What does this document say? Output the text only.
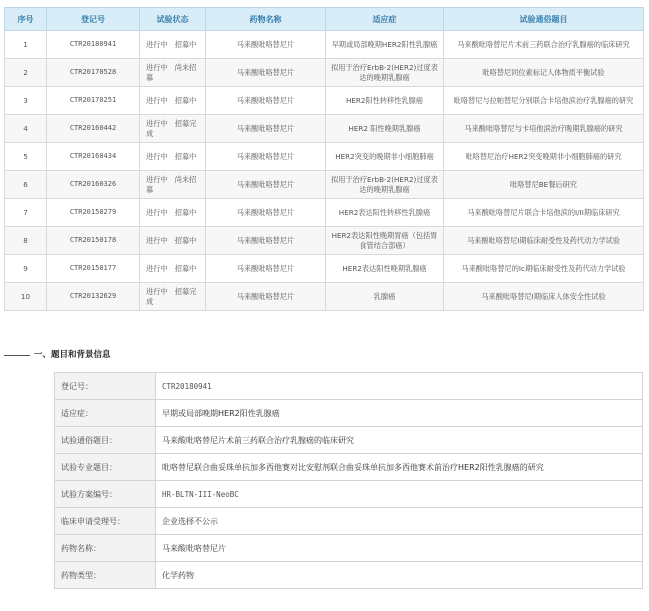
序号	登记号	试验状态	药物名称	适应症	试验通俗题目
1	CTR20180941	进行中　招募中	马来酸吡咯替尼片	早期或局部晚期HER2阳性乳腺癌	马来酸吡咯替尼片术前三药联合治疗乳腺癌的临床研究
2	CTR20170528	进行中　尚未招募	马来酸吡咯替尼片	拟用于治疗ErbB-2(HER2)过度表达的晚期乳腺癌	吡咯替尼同位素标记人体物质平衡试验
3	CTR20170251	进行中　招募中	马来酸吡咯替尼片	HER2阳性转移性乳腺癌	吡咯替尼与拉帕替尼分别联合卡培他滨治疗乳腺癌的研究
4	CTR20160442	进行中　招募完成	马来酸吡咯替尼片	HER2 阳性晚期乳腺癌	马来酸吡咯替尼与卡培他滨治疗晚期乳腺癌的研究
5	CTR20160434	进行中　招募中	马来酸吡咯替尼片	HER2突变的晚期非小细胞肺癌	吡咯替尼治疗HER2突变晚期非小细胞肺癌的研究
6	CTR20160326	进行中　尚未招募	马来酸吡咯替尼片	拟用于治疗ErbB-2(HER2)过度表达的晚期乳腺癌	吡咯替尼BE餐后研究
7	CTR20150279	进行中　招募中	马来酸吡咯替尼片	HER2表达阳性转移性乳腺癌	马来酸吡咯替尼片联合卡培他滨的I/II期临床研究
8	CTR20150178	进行中　招募中	马来酸吡咯替尼片	HER2表达阳性晚期胃癌（包括胃食管结合部癌）	马来酸吡咯替尼I期临床耐受性及药代动力学试验
9	CTR20150177	进行中　招募中	马来酸吡咯替尼片	HER2表达阳性晚期乳腺癌	马来酸吡咯替尼的Ic期临床耐受性及药代动力学试验
10	CTR20132629	进行中　招募完成	马来酸吡咯替尼片	乳腺癌	马来酸吡咯替尼I期临床人体安全性试验
一、题目和背景信息
登记号：	CTR20180941
适应症：	早期或局部晚期HER2阳性乳腺癌
试验通俗题目：	马来酸吡咯替尼片术前三药联合治疗乳腺癌的临床研究
试验专业题目：	吡咯替尼联合曲妥珠单抗加多西他赛对比安慰剂联合曲妥珠单抗加多西他赛术前治疗HER2阳性乳腺癌的研究
试验方案编号：	HR-BLTN-III-NeoBC
临床申请受理号：	企业选择不公示
药物名称：	马来酸吡咯替尼片
药物类型：	化学药物
